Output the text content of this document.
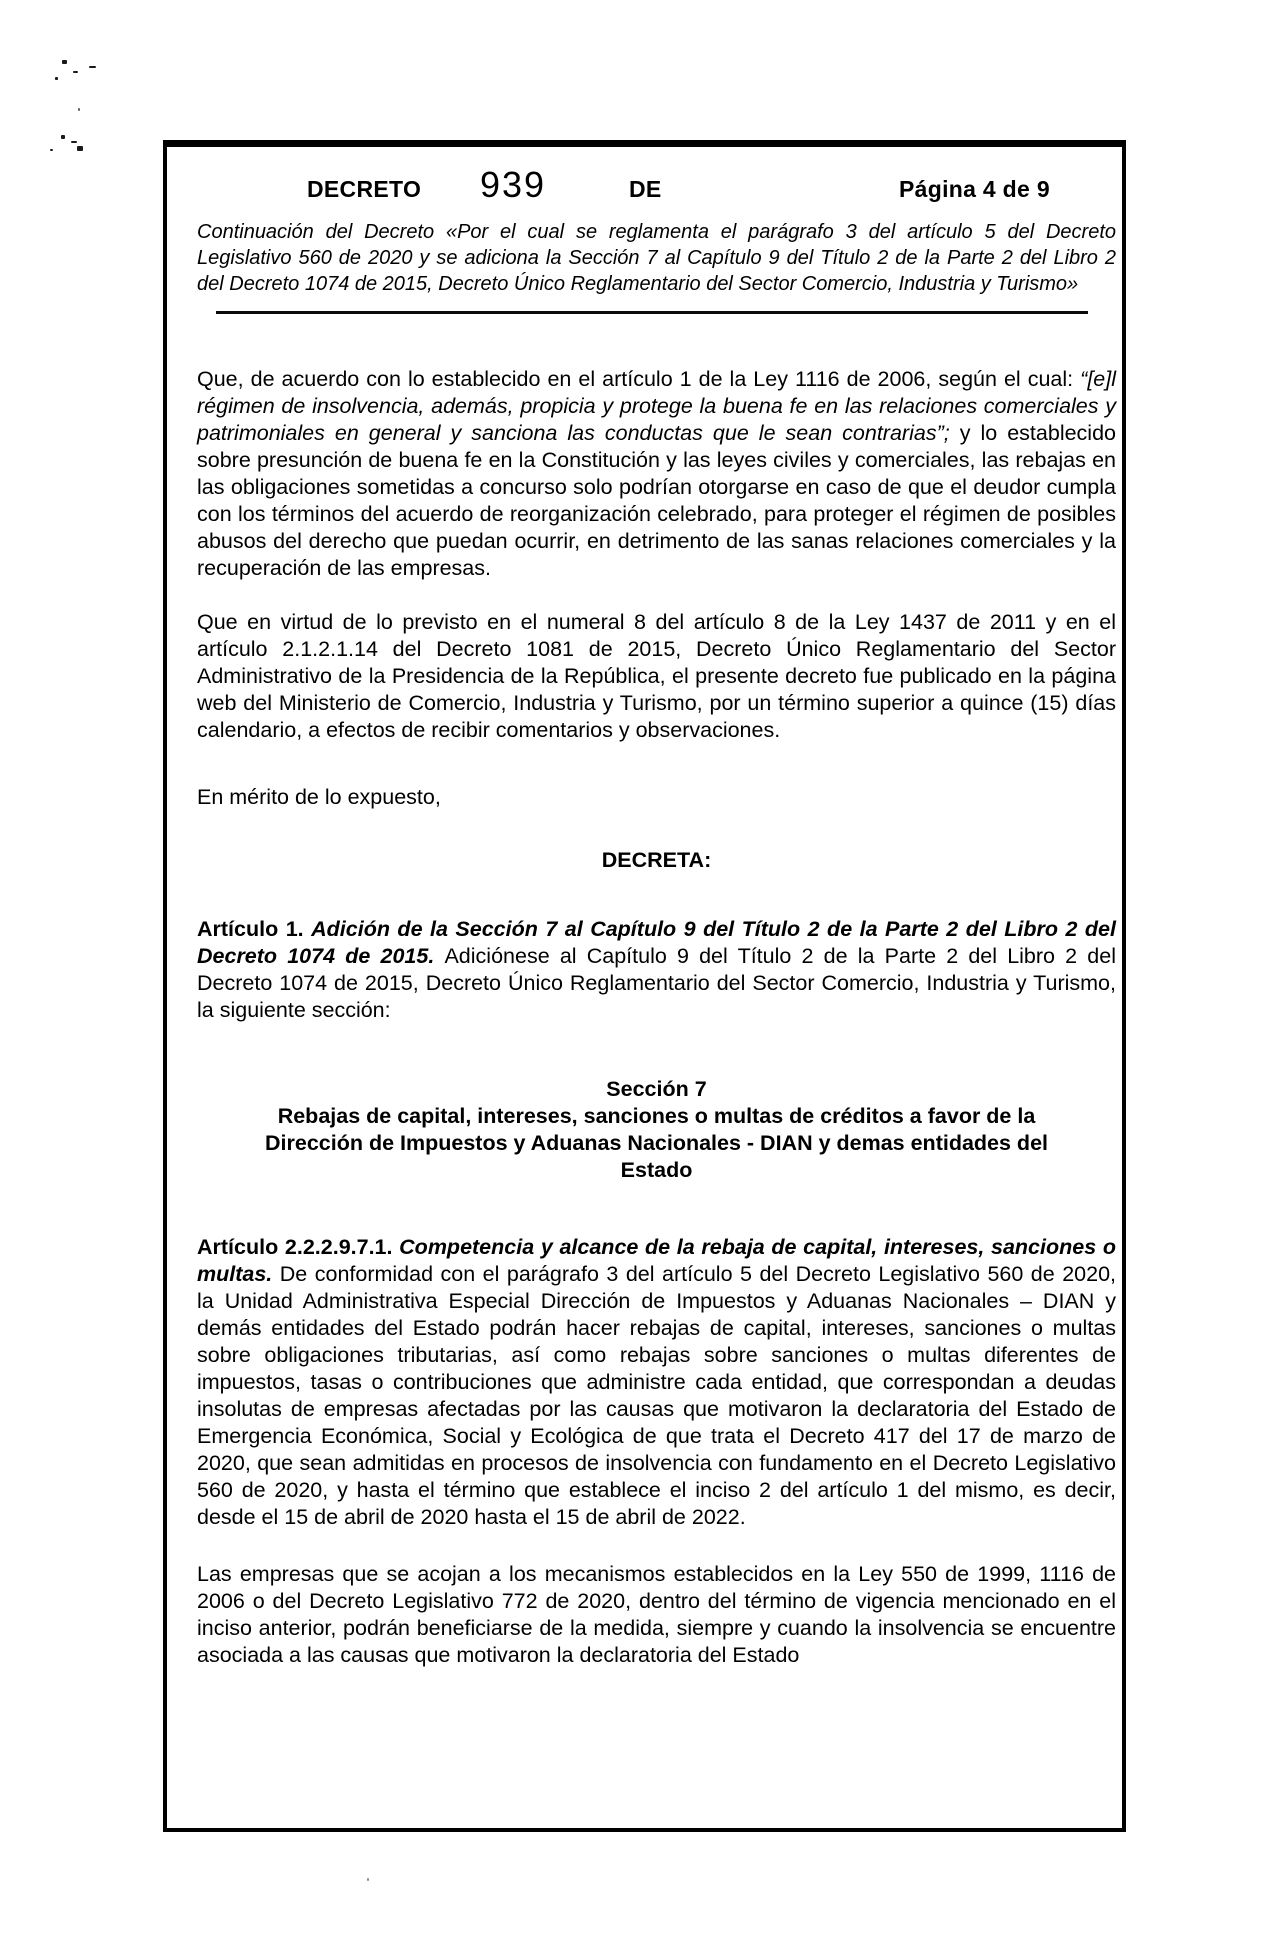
DECRETO 939	DE	Página 4 de 9
Continuación del Decreto «Por el cual se reglamenta el parágrafo 3 del artículo 5 del Decreto Legislativo 560 de 2020 y se adiciona la Sección 7 al Capítulo 9 del Título 2 de la Parte 2 del Libro 2 del Decreto 1074 de 2015, Decreto Único Reglamentario del Sector Comercio, Industria y Turismo»

Que, de acuerdo con lo establecido en el artículo 1 de la Ley 1116 de 2006, según el cual: “[e]l régimen de insolvencia, además, propicia y protege la buena fe en las relaciones comerciales y patrimoniales en general y sanciona las conductas que le sean contrarias”; y lo establecido sobre presunción de buena fe en la Constitución y las leyes civiles y comerciales, las rebajas en las obligaciones sometidas a concurso solo podrían otorgarse en caso de que el deudor cumpla con los términos del acuerdo de reorganización celebrado, para proteger el régimen de posibles abusos del derecho que puedan ocurrir, en detrimento de las sanas relaciones comerciales y la recuperación de las empresas.

Que en virtud de lo previsto en el numeral 8 del artículo 8 de la Ley 1437 de 2011 y en el artículo 2.1.2.1.14 del Decreto 1081 de 2015, Decreto Único Reglamentario del Sector Administrativo de la Presidencia de la República, el presente decreto fue publicado en la página web del Ministerio de Comercio, Industria y Turismo, por un término superior a quince (15) días calendario, a efectos de recibir comentarios y observaciones.

En mérito de lo expuesto,

DECRETA:

Artículo 1. Adición de la Sección 7 al Capítulo 9 del Título 2 de la Parte 2 del Libro 2 del Decreto 1074 de 2015. Adiciónese al Capítulo 9 del Título 2 de la Parte 2 del Libro 2 del Decreto 1074 de 2015, Decreto Único Reglamentario del Sector Comercio, Industria y Turismo, la siguiente sección:

Sección 7
Rebajas de capital, intereses, sanciones o multas de créditos a favor de la
Dirección de Impuestos y Aduanas Nacionales - DIAN y demas entidades del
Estado

Artículo 2.2.2.9.7.1. Competencia y alcance de la rebaja de capital, intereses, sanciones o multas. De conformidad con el parágrafo 3 del artículo 5 del Decreto Legislativo 560 de 2020, la Unidad Administrativa Especial Dirección de Impuestos y Aduanas Nacionales – DIAN y demás entidades del Estado podrán hacer rebajas de capital, intereses, sanciones o multas sobre obligaciones tributarias, así como rebajas sobre sanciones o multas diferentes de impuestos, tasas o contribuciones que administre cada entidad, que correspondan a deudas insolutas de empresas afectadas por las causas que motivaron la declaratoria del Estado de Emergencia Económica, Social y Ecológica de que trata el Decreto 417 del 17 de marzo de 2020, que sean admitidas en procesos de insolvencia con fundamento en el Decreto Legislativo 560 de 2020, y hasta el término que establece el inciso 2 del artículo 1 del mismo, es decir, desde el 15 de abril de 2020 hasta el 15 de abril de 2022.

Las empresas que se acojan a los mecanismos establecidos en la Ley 550 de 1999, 1116 de 2006 o del Decreto Legislativo 772 de 2020, dentro del término de vigencia mencionado en el inciso anterior, podrán beneficiarse de la medida, siempre y cuando la insolvencia se encuentre asociada a las causas que motivaron la declaratoria del Estado
